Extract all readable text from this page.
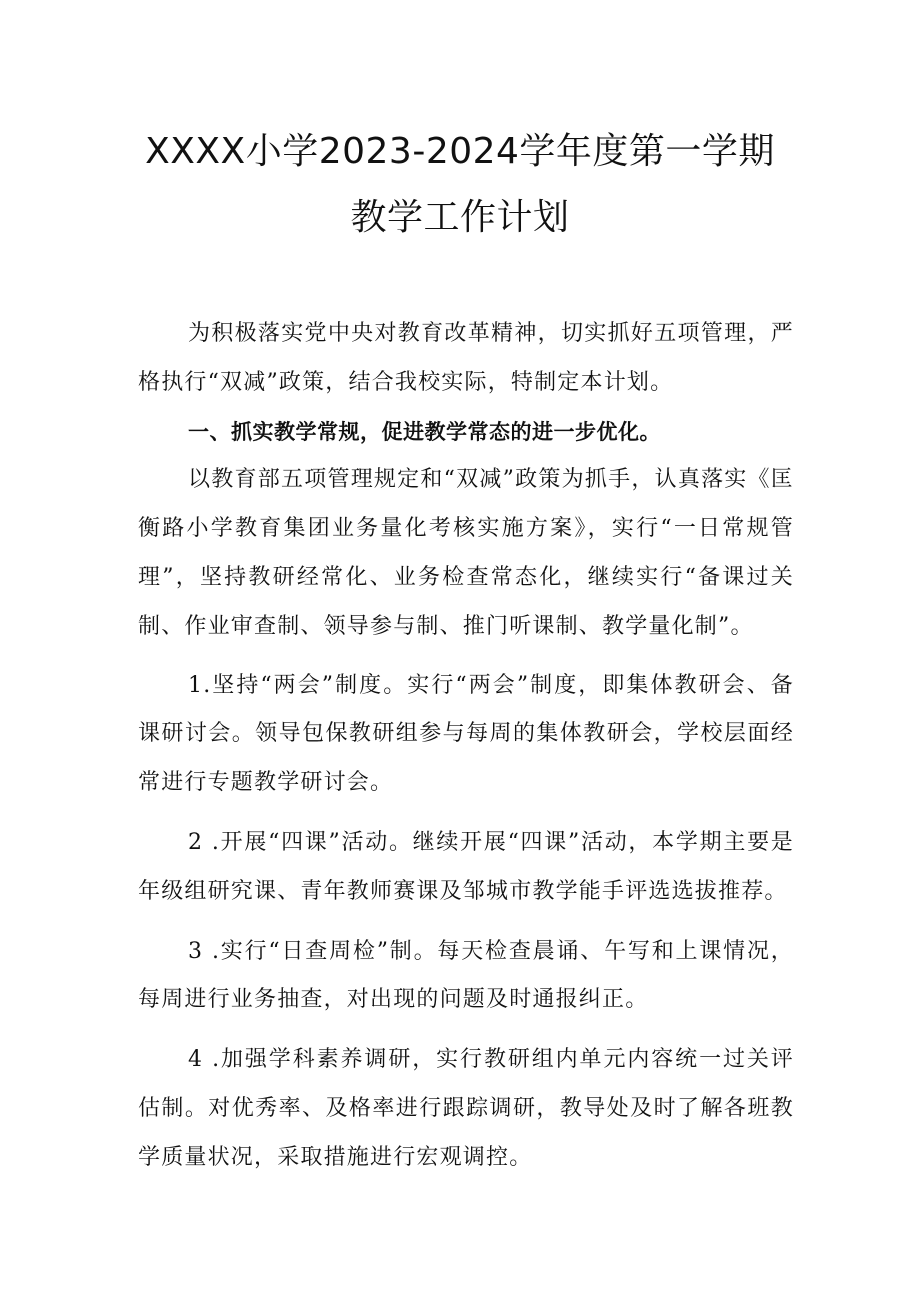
XXXX小学2023-2024学年度第一学期
教学工作计划

为积极落实党中央对教育改革精神，切实抓好五项管理，严格执行“双减”政策，结合我校实际，特制定本计划。

一、抓实教学常规，促进教学常态的进一步优化。

以教育部五项管理规定和“双减”政策为抓手，认真落实《匡衡路小学教育集团业务量化考核实施方案》，实行“一日常规管理”，坚持教研经常化、业务检查常态化，继续实行“备课过关制、作业审查制、领导参与制、推门听课制、教学量化制”。

1.坚持“两会”制度。实行“两会”制度，即集体教研会、备课研讨会。领导包保教研组参与每周的集体教研会，学校层面经常进行专题教学研讨会。

2 .开展“四课”活动。继续开展“四课”活动，本学期主要是年级组研究课、青年教师赛课及邹城市教学能手评选选拔推荐。

3 .实行“日查周检”制。每天检查晨诵、午写和上课情况，每周进行业务抽查，对出现的问题及时通报纠正。

4 .加强学科素养调研，实行教研组内单元内容统一过关评估制。对优秀率、及格率进行跟踪调研，教导处及时了解各班教学质量状况，采取措施进行宏观调控。
